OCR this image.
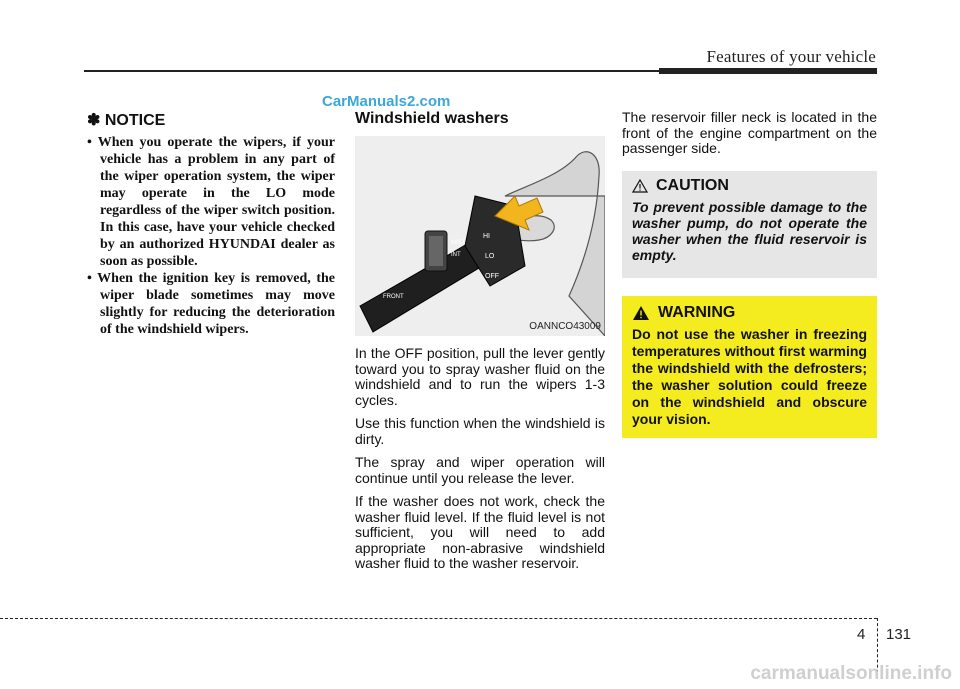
Features of your vehicle
CarManuals2.com
✽ NOTICE
• When you operate the wipers, if your vehicle has a problem in any part of the wiper operation system, the wiper may operate in the LO mode regardless of the wiper switch position. In this case, have your vehicle checked by an authorized HYUNDAI dealer as soon as possible.
• When the ignition key is removed, the wiper blade sometimes may move slightly for reducing the deterioration of the windshield wipers.
Windshield washers
HI
LO
OFF
MIST
INT
FRONT
OANNCO43009

In the OFF position, pull the lever gently toward you to spray washer fluid on the windshield and to run the wipers 1-3 cycles.

Use this function when the windshield is dirty.

The spray and wiper operation will continue until you release the lever.

If the washer does not work, check the washer fluid level. If the fluid level is not sufficient, you will need to add appropriate non-abrasive windshield washer fluid to the washer reservoir.

The reservoir filler neck is located in the front of the engine compartment on the passenger side.

CAUTION
To prevent possible damage to the washer pump, do not operate the washer when the fluid reservoir is empty.
WARNING
Do not use the washer in freezing temperatures without first warming the windshield with the defrosters; the washer solution could freeze on the windshield and obscure your vision.
4 131
carmanualsonline.info
